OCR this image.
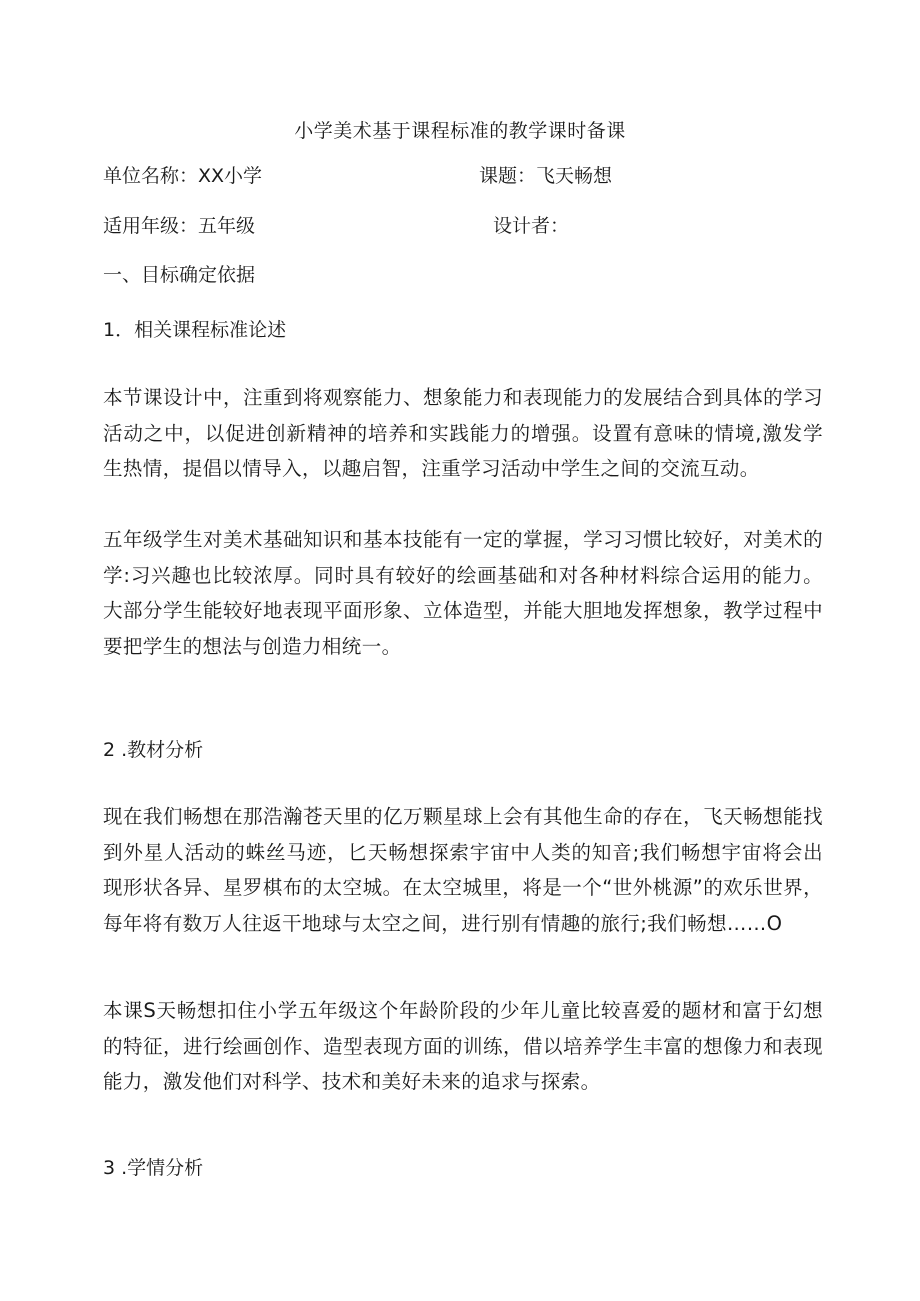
小学美术基于课程标准的教学课时备课
单位名称：XX小学	课题：飞天畅想
适用年级：五年级	设计者：
一、目标确定依据
1．相关课程标准论述
本节课设计中，注重到将观察能力、想象能力和表现能力的发展结合到具体的学习活动之中，以促进创新精神的培养和实践能力的增强。设置有意味的情境,激发学生热情，提倡以情导入，以趣启智，注重学习活动中学生之间的交流互动。
五年级学生对美术基础知识和基本技能有一定的掌握，学习习惯比较好，对美术的学:习兴趣也比较浓厚。同时具有较好的绘画基础和对各种材料综合运用的能力。大部分学生能较好地表现平面形象、立体造型，并能大胆地发挥想象，教学过程中要把学生的想法与创造力相统一。
2 .教材分析
现在我们畅想在那浩瀚苍天里的亿万颗星球上会有其他生命的存在，飞天畅想能找到外星人活动的蛛丝马迹，匕天畅想探索宇宙中人类的知音;我们畅想宇宙将会出现形状各异、星罗棋布的太空城。在太空城里，将是一个“世外桃源”的欢乐世界，每年将有数万人往返干地球与太空之间，进行别有情趣的旅行;我们畅想……O
本课S天畅想扣住小学五年级这个年龄阶段的少年儿童比较喜爱的题材和富于幻想的特征，进行绘画创作、造型表现方面的训练，借以培养学生丰富的想像力和表现能力，激发他们对科学、技术和美好未来的追求与探索。
3 .学情分析
